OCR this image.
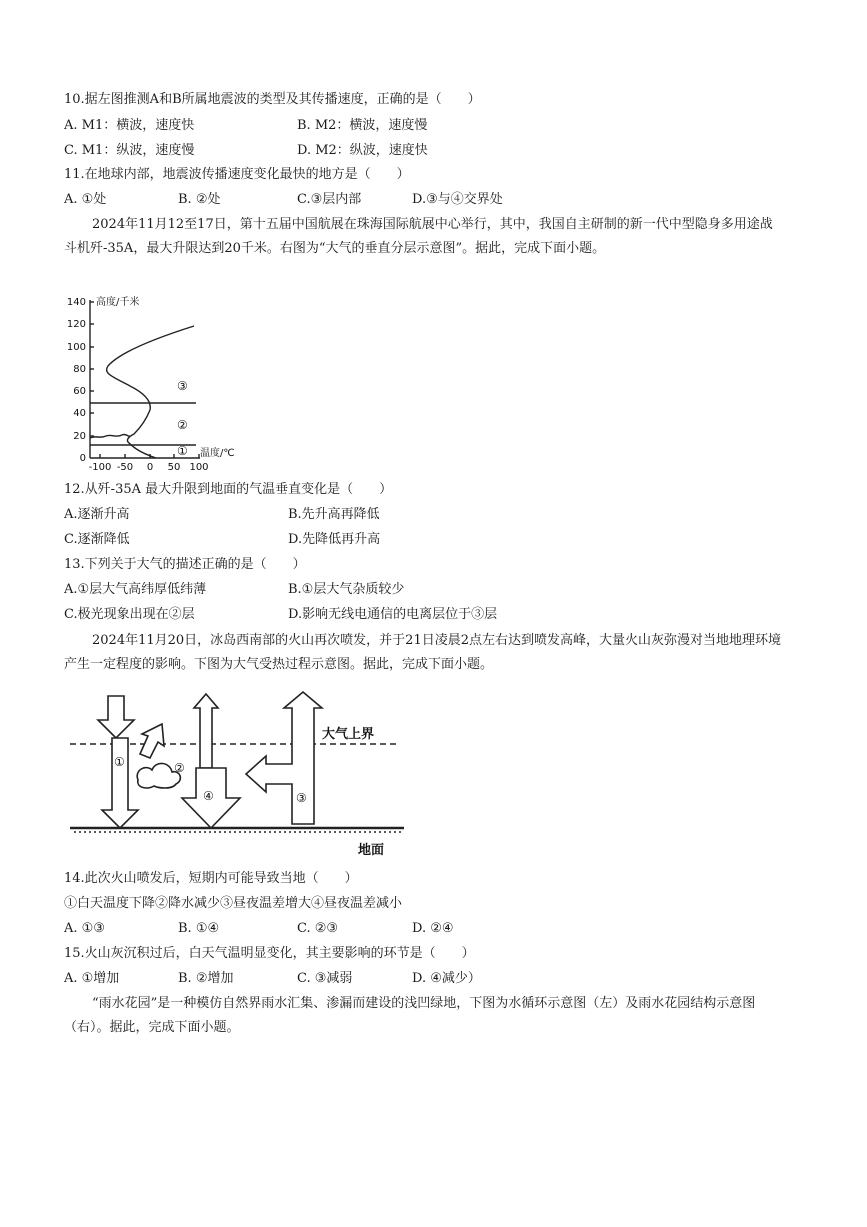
10.据左图推测A和B所属地震波的类型及其传播速度，正确的是（　　）
A. M1：横波，速度快	B. M2：横波，速度慢
C. M1：纵波，速度慢	D. M2：纵波，速度快
11.在地球内部，地震波传播速度变化最快的地方是（　　）
A. ①处	B. ②处	C.③层内部	D.③与④交界处
2024年11月12至17日，第十五届中国航展在珠海国际航展中心举行，其中，我国自主研制的新一代中型隐身多用途战斗机歼-35A，最大升限达到20千米。右图为“大气的垂直分层示意图”。据此，完成下面小题。
140
120
100
80
60
40
20
0
-100 -50 0 50 100
高度/千米
温度/℃
③
②
①
12.从歼-35A 最大升限到地面的气温垂直变化是（　　）
A.逐渐升高	B.先升高再降低
C.逐渐降低	D.先降低再升高
13.下列关于大气的描述正确的是（　　）
A.①层大气高纬厚低纬薄	B.①层大气杂质较少
C.极光现象出现在②层	D.影响无线电通信的电离层位于③层
2024年11月20日，冰岛西南部的火山再次喷发，并于21日凌晨2点左右达到喷发高峰，大量火山灰弥漫对当地地理环境产生一定程度的影响。下图为大气受热过程示意图。据此，完成下面小题。
①	②
④	③
大气上界
地面
14.此次火山喷发后，短期内可能导致当地（　　）
①白天温度下降②降水减少③昼夜温差增大④昼夜温差减小
A. ①③	B. ①④	C. ②③	D. ②④
15.火山灰沉积过后，白天气温明显变化，其主要影响的环节是（　　）
A. ①增加	B. ②增加	C. ③减弱	D. ④减少）
“雨水花园”是一种模仿自然界雨水汇集、渗漏而建设的浅凹绿地，下图为水循环示意图（左）及雨水花园结构示意图（右）。据此，完成下面小题。
